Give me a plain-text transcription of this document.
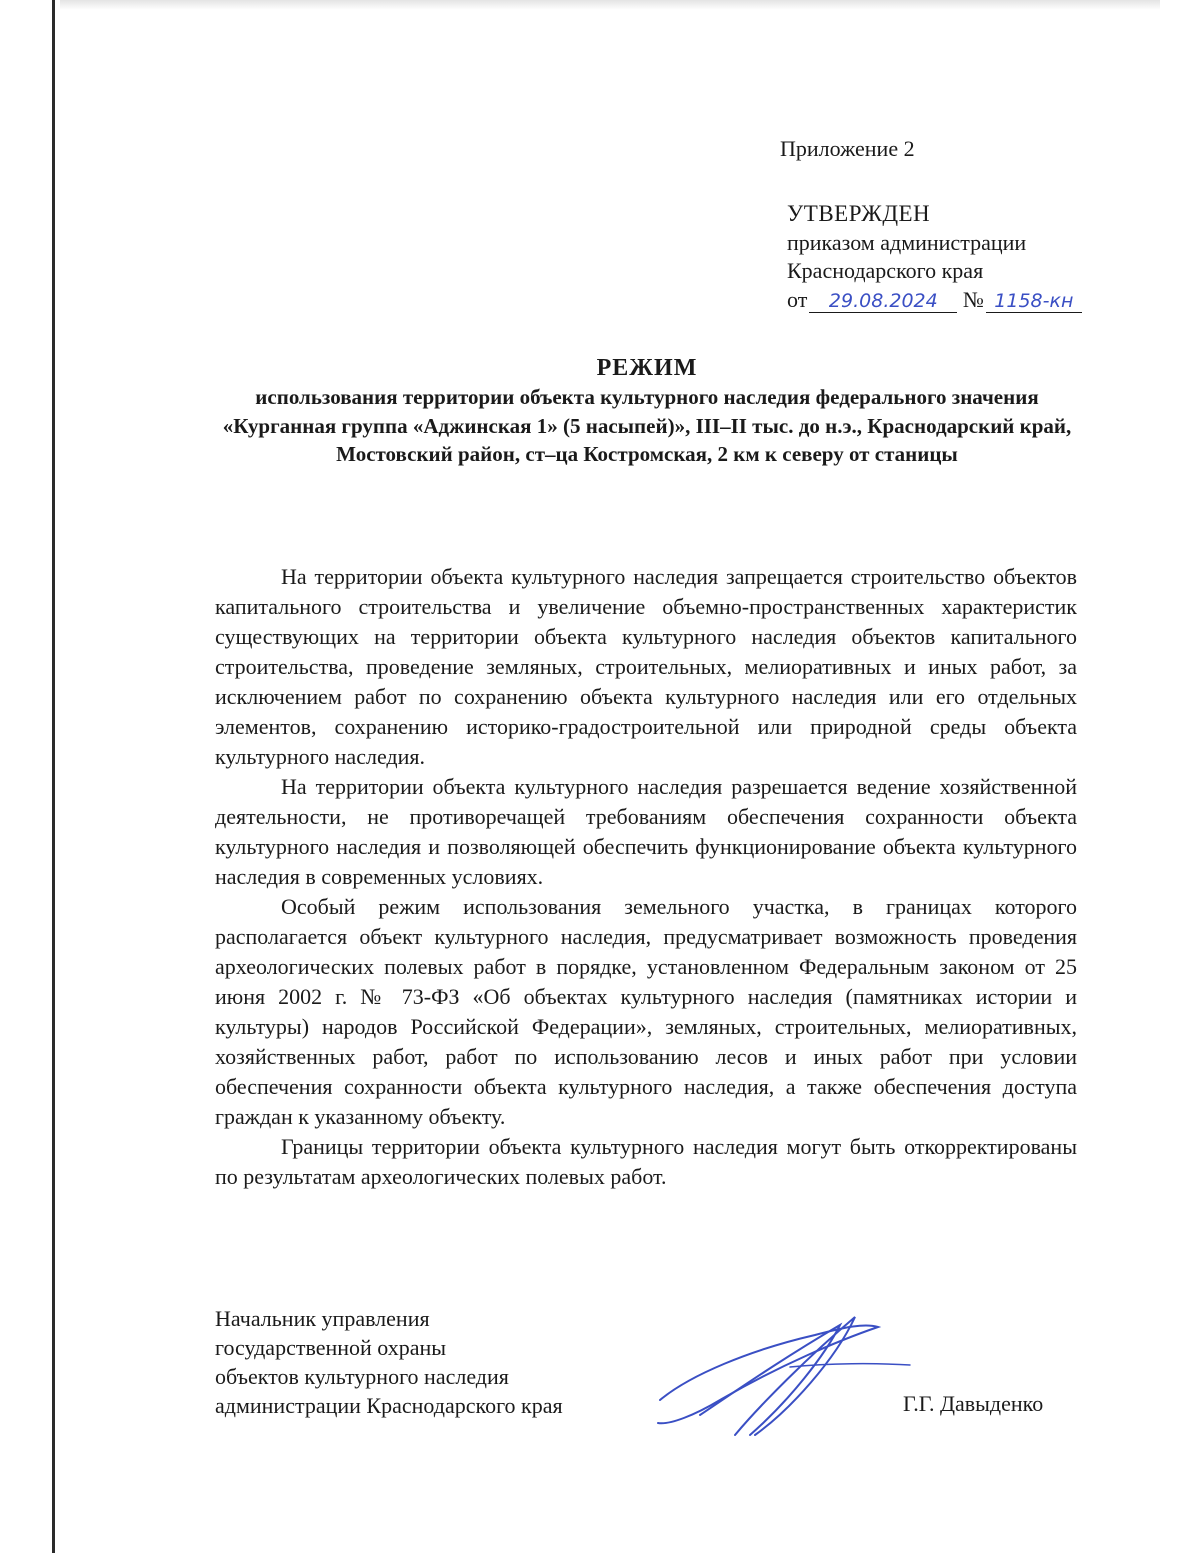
Приложение 2
УТВЕРЖДЕН
приказом администрации
Краснодарского края
от 29.08.2024 № 1158-кн
РЕЖИМ
использования территории объекта культурного наследия федерального значения «Курганная группа «Аджинская 1» (5 насыпей)», III–II тыс. до н.э., Краснодарский край, Мостовский район, ст–ца Костромская, 2 км к северу от станицы

На территории объекта культурного наследия запрещается строительство объектов капитального строительства и увеличение объемно-пространственных характеристик существующих на территории объекта культурного наследия объектов капитального строительства, проведение земляных, строительных, мелиоративных и иных работ, за исключением работ по сохранению объекта культурного наследия или его отдельных элементов, сохранению историко-градостроительной или природной среды объекта культурного наследия.

На территории объекта культурного наследия разрешается ведение хозяйственной деятельности, не противоречащей требованиям обеспечения сохранности объекта культурного наследия и позволяющей обеспечить функционирование объекта культурного наследия в современных условиях.

Особый режим использования земельного участка, в границах которого располагается объект культурного наследия, предусматривает возможность проведения археологических полевых работ в порядке, установленном Федеральным законом от 25 июня 2002 г. № 73-ФЗ «Об объектах культурного наследия (памятниках истории и культуры) народов Российской Федерации», земляных, строительных, мелиоративных, хозяйственных работ, работ по использованию лесов и иных работ при условии обеспечения сохранности объекта культурного наследия, а также обеспечения доступа граждан к указанному объекту.

Границы территории объекта культурного наследия могут быть откорректированы по результатам археологических полевых работ.

Начальник управления
государственной охраны
объектов культурного наследия
администрации Краснодарского края	Г.Г. Давыденко
